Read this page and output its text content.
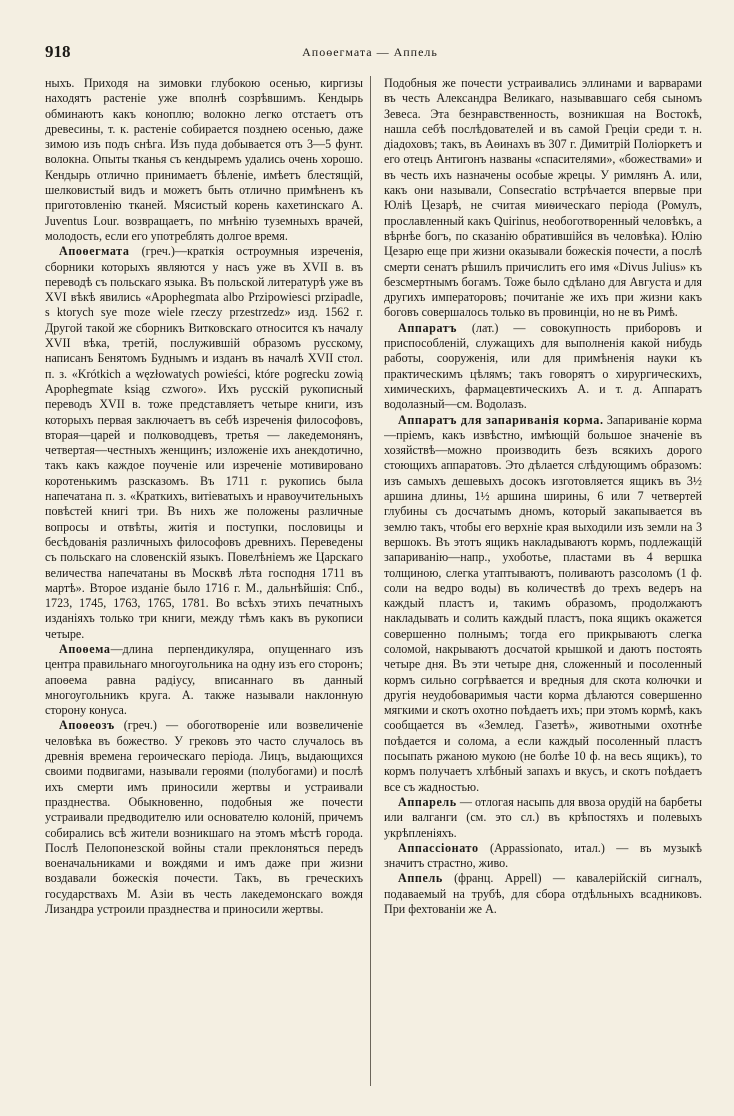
918	Апоөегмата — Аппель

ныхъ. Приходя на зимовки глубокою осенью, киргизы находятъ растеніе уже вполнѣ созрѣвшимъ. Кендырь обминаютъ какъ коноплю; волокно легко отстаетъ отъ древесины, т. к. растеніе собирается позднею осенью, даже зимою изъ подъ снѣга. Изъ пуда добывается отъ 3—5 фунт. волокна. Опыты тканья съ кендыремъ удались очень хорошо. Кендырь отлично принимаетъ бѣленіе, имѣетъ блестящій, шелковистый видъ и можетъ быть отлично примѣненъ къ приготовленію тканей. Мясистый корень кахетинскаго А. Juventus Lour. возвращаетъ, по мнѣнію туземныхъ врачей, молодость, если его употреблять долгое время.

Апоөегмата (греч.)—краткія остроумныя изреченія, сборники которыхъ являются у насъ уже въ XVII в. въ переводѣ съ польскаго языка. Въ польской литературѣ уже въ XVI вѣкѣ явились «Apophegmata albo Przipowiesci przipadle, s ktorych sye moze wiele rzeczy przestrzedz» изд. 1562 г. Другой такой же сборникъ Витковскаго относится къ началу XVII вѣка, третій, послужившій образомъ русскому, написанъ Бенятомъ Буднымъ и изданъ въ началѣ XVII стол. п. з. «Krótkich a węzłowatych powieści, które pogrecku zowią Apophegmate ksiąg czworo». Ихъ русскій рукописный переводъ XVII в. тоже представляетъ четыре книги, изъ которыхъ первая заключаетъ въ себѣ изреченія философовъ, вторая—царей и полководцевъ, третья — лакедемонянъ, четвертая—честныхъ женщинъ; изложеніе ихъ анекдотично, такъ какъ каждое поученіе или изреченіе мотивировано коротенькимъ разсказомъ. Въ 1711 г. рукопись была напечатана п. з. «Краткихъ, витіеватыхъ и нравоучительныхъ повѣстей книгі три. Въ нихъ же положены различные вопросы и отвѣты, житія и поступки, пословицы и бесѣдованія различныхъ философовъ древнихъ. Переведены съ польскаго на словенскій языкъ. Повелѣніемъ же Царскаго величества напечатаны въ Москвѣ лѣта господня 1711 въ мартѣ». Второе изданіе было 1716 г. М., дальнѣйшія: Спб., 1723, 1745, 1763, 1765, 1781. Во всѣхъ этихъ печатныхъ изданіяхъ только три книги, между тѣмъ какъ въ рукописи четыре.

Апоөема—длина перпендикуляра, опущеннаго изъ центра правильнаго многоугольника на одну изъ его сторонъ; апоөема равна радіусу, вписаннаго въ данный многоугольникъ круга. А. также называли наклонную сторону конуса.

Апоөеозъ (греч.) — обоготвореніе или возвеличеніе человѣка въ божество. У грековъ это часто случалось въ древнія времена героическаго періода. Лицъ, выдающихся своими подвигами, называли героями (полубогами) и послѣ ихъ смерти имъ приносили жертвы и устраивали празднества. Обыкновенно, подобныя же почести устраивали предводителю или основателю колоній, причемъ собирались всѣ жители возникшаго на этомъ мѣстѣ города. Послѣ Пелопонезской войны стали преклоняться передъ военачальниками и вождями и имъ даже при жизни воздавали божескія почести. Такъ, въ греческихъ государствахъ М. Азіи въ честь лакедемонскаго вождя Лизандра устроили празднества и приносили жертвы.

Подобныя же почести устраивались эллинами и варварами въ честь Александра Великаго, называвшаго себя сыномъ Зевеса. Эта безнравственность, возникшая на Востокѣ, нашла себѣ послѣдователей и въ самой Греціи среди т. н. діадоховъ; такъ, въ Аөинахъ въ 307 г. Димитрій Поліоркетъ и его отецъ Антигонъ названы «спасителями», «божествами» и въ честь ихъ назначены особые жрецы. У римлянъ А. или, какъ они называли, Consecratio встрѣчается впервые при Юліѣ Цезарѣ, не считая миѳическаго періода (Ромулъ, прославленный какъ Quirinus, необоготворенный человѣкъ, а вѣрнѣе богъ, по сказанію обратившійся въ человѣка). Юлію Цезарю еще при жизни оказывали божескія почести, а послѣ смерти сенатъ рѣшилъ причислить его имя «Divus Julius» къ безсмертнымъ богамъ. Тоже было сдѣлано для Августа и для другихъ императоровъ; почитаніе же ихъ при жизни какъ боговъ совершалось только въ провинціи, но не въ Римѣ.

Аппаратъ (лат.) — совокупность приборовъ и приспособленій, служащихъ для выполненія какой нибудь работы, сооруженія, или для примѣненія науки къ практическимъ цѣлямъ; такъ говорятъ о хирургическихъ, химическихъ, фармацевтическихъ А. и т. д. Аппаратъ водолазный—см. Водолазъ.

Аппаратъ для запариванія корма. Запариваніе корма—пріемъ, какъ извѣстно, имѣющій большое значеніе въ хозяйствѣ—можно производить безъ всякихъ дорого стоющихъ аппаратовъ. Это дѣлается слѣдующимъ образомъ: изъ самыхъ дешевыхъ досокъ изготовляется ящикъ въ 3½ аршина длины, 1½ аршина ширины, 6 или 7 четвертей глубины съ досчатымъ дномъ, который закапывается въ землю такъ, чтобы его верхніе края выходили изъ земли на 3 вершокъ. Въ этотъ ящикъ накладываютъ кормъ, подлежащій запариванію—напр., ухоботье, пластами въ 4 вершка толщиною, слегка утаптываютъ, поливаютъ разсоломъ (1 ф. соли на ведро воды) въ количествѣ до трехъ ведеръ на каждый пластъ и, такимъ образомъ, продолжаютъ накладывать и солить каждый пластъ, пока ящикъ окажется совершенно полнымъ; тогда его прикрываютъ слегка соломой, накрываютъ досчатой крышкой и даютъ постоять четыре дня. Въ эти четыре дня, сложенный и посоленный кормъ сильно согрѣвается и вредныя для скота колючки и другія неудобоваримыя части корма дѣлаются совершенно мягкими и скотъ охотно поѣдаетъ ихъ; при этомъ кормѣ, какъ сообщается въ «Землед. Газетѣ», животными охотнѣе поѣдается и солома, а если каждый посоленный пластъ посыпать ржаною мукою (не болѣе 10 ф. на весь ящикъ), то кормъ получаетъ хлѣбный запахъ и вкусъ, и скотъ поѣдаетъ все съ жадностью.

Аппарель — отлогая насыпь для ввоза орудій на барбеты или валганги (см. это сл.) въ крѣпостяхъ и полевыхъ укрѣпленіяхъ.

Аппассіонато (Appassionato, итал.) — въ музыкѣ значитъ страстно, живо.

Аппель (франц. Appell) — кавалерійскій сигналъ, подаваемый на трубѣ, для сбора отдѣльныхъ всадниковъ. При фехтованіи же А.
